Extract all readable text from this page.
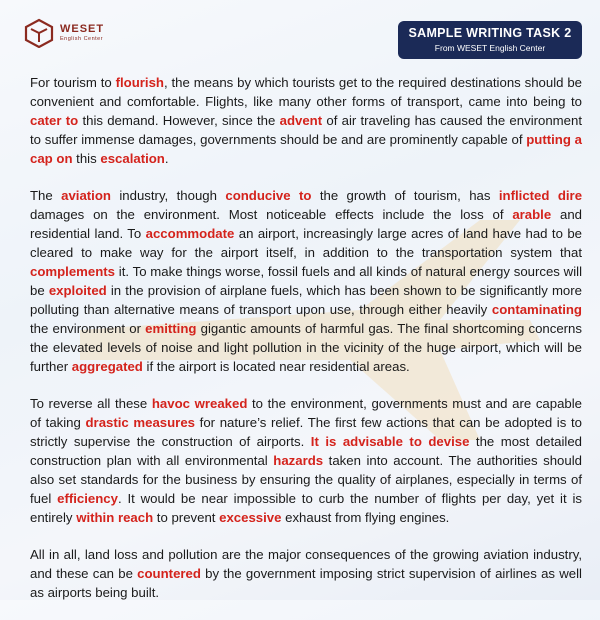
WESET
English Center	SAMPLE WRITING TASK 2
From WESET English Center

For tourism to flourish, the means by which tourists get to the required destinations should be convenient and comfortable. Flights, like many other forms of transport, came into being to cater to this demand. However, since the advent of air traveling has caused the environment to suffer immense damages, governments should be and are prominently capable of putting a cap on this escalation.

The aviation industry, though conducive to the growth of tourism, has inflicted dire damages on the environment. Most noticeable effects include the loss of arable and residential land. To accommodate an airport, increasingly large acres of land have had to be cleared to make way for the airport itself, in addition to the transportation system that complements it. To make things worse, fossil fuels and all kinds of natural energy sources will be exploited in the provision of airplane fuels, which has been shown to be significantly more polluting than alternative means of transport upon use, through either heavily contaminating the environment or emitting gigantic amounts of harmful gas. The final shortcoming concerns the elevated levels of noise and light pollution in the vicinity of the huge airport, which will be further aggregated if the airport is located near residential areas.

To reverse all these havoc wreaked to the environment, governments must and are capable of taking drastic measures for nature’s relief. The first few actions that can be adopted is to strictly supervise the construction of airports. It is advisable to devise the most detailed construction plan with all environmental hazards taken into account. The authorities should also set standards for the business by ensuring the quality of airplanes, especially in terms of fuel efficiency. It would be near impossible to curb the number of flights per day, yet it is entirely within reach to prevent excessive exhaust from flying engines.

All in all, land loss and pollution are the major consequences of the growing aviation industry, and these can be countered by the government imposing strict supervision of airlines as well as airports being built.
